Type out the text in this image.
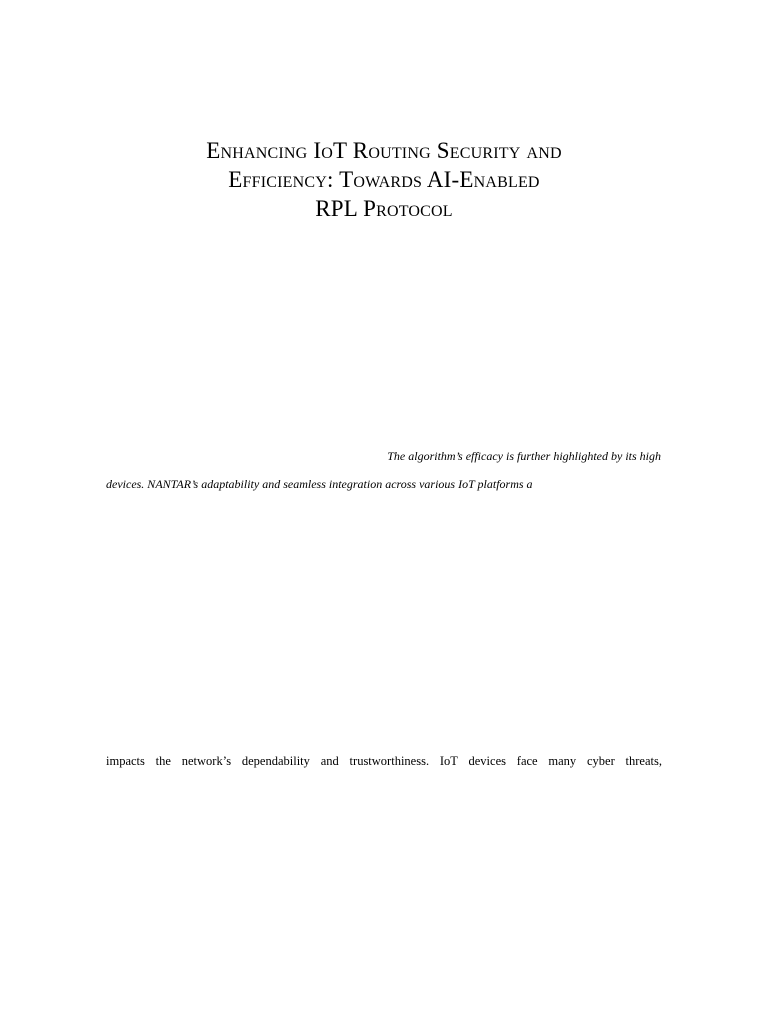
Enhancing IoT Routing Security and
Efficiency: Towards AI-Enabled
RPL Protocol
The algorithm’s efficacy is further highlighted by its high
devices. NANTAR’s adaptability and seamless integration across various IoT platforms a
impacts the network’s dependability and trustworthiness. IoT devices face many cyber threats,
